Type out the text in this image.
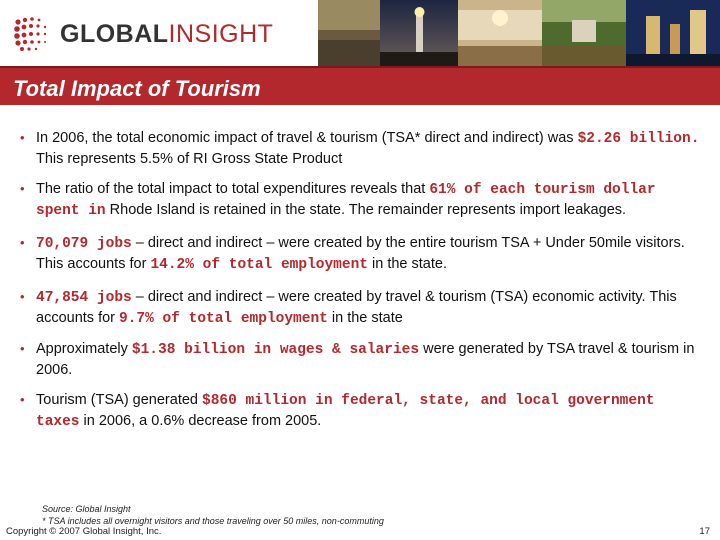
GLOBALINSIGHT
Total Impact of Tourism
• In 2006, the total economic impact of travel & tourism (TSA* direct and indirect) was $2.26 billion. This represents 5.5% of RI Gross State Product
• The ratio of the total impact to total expenditures reveals that 61% of each tourism dollar spent in Rhode Island is retained in the state. The remainder represents import leakages.
• 70,079 jobs – direct and indirect – were created by the entire tourism TSA + Under 50mile visitors. This accounts for 14.2% of total employment in the state.
• 47,854 jobs – direct and indirect – were created by travel & tourism (TSA) economic activity. This accounts for 9.7% of total employment in the state
• Approximately $1.38 billion in wages & salaries were generated by TSA travel & tourism in 2006.
• Tourism (TSA) generated $860 million in federal, state, and local government taxes in 2006, a 0.6% decrease from 2005.
Source: Global Insight
* TSA includes all overnight visitors and those traveling over 50 miles, non-commuting
Copyright © 2007 Global Insight, Inc.	17
